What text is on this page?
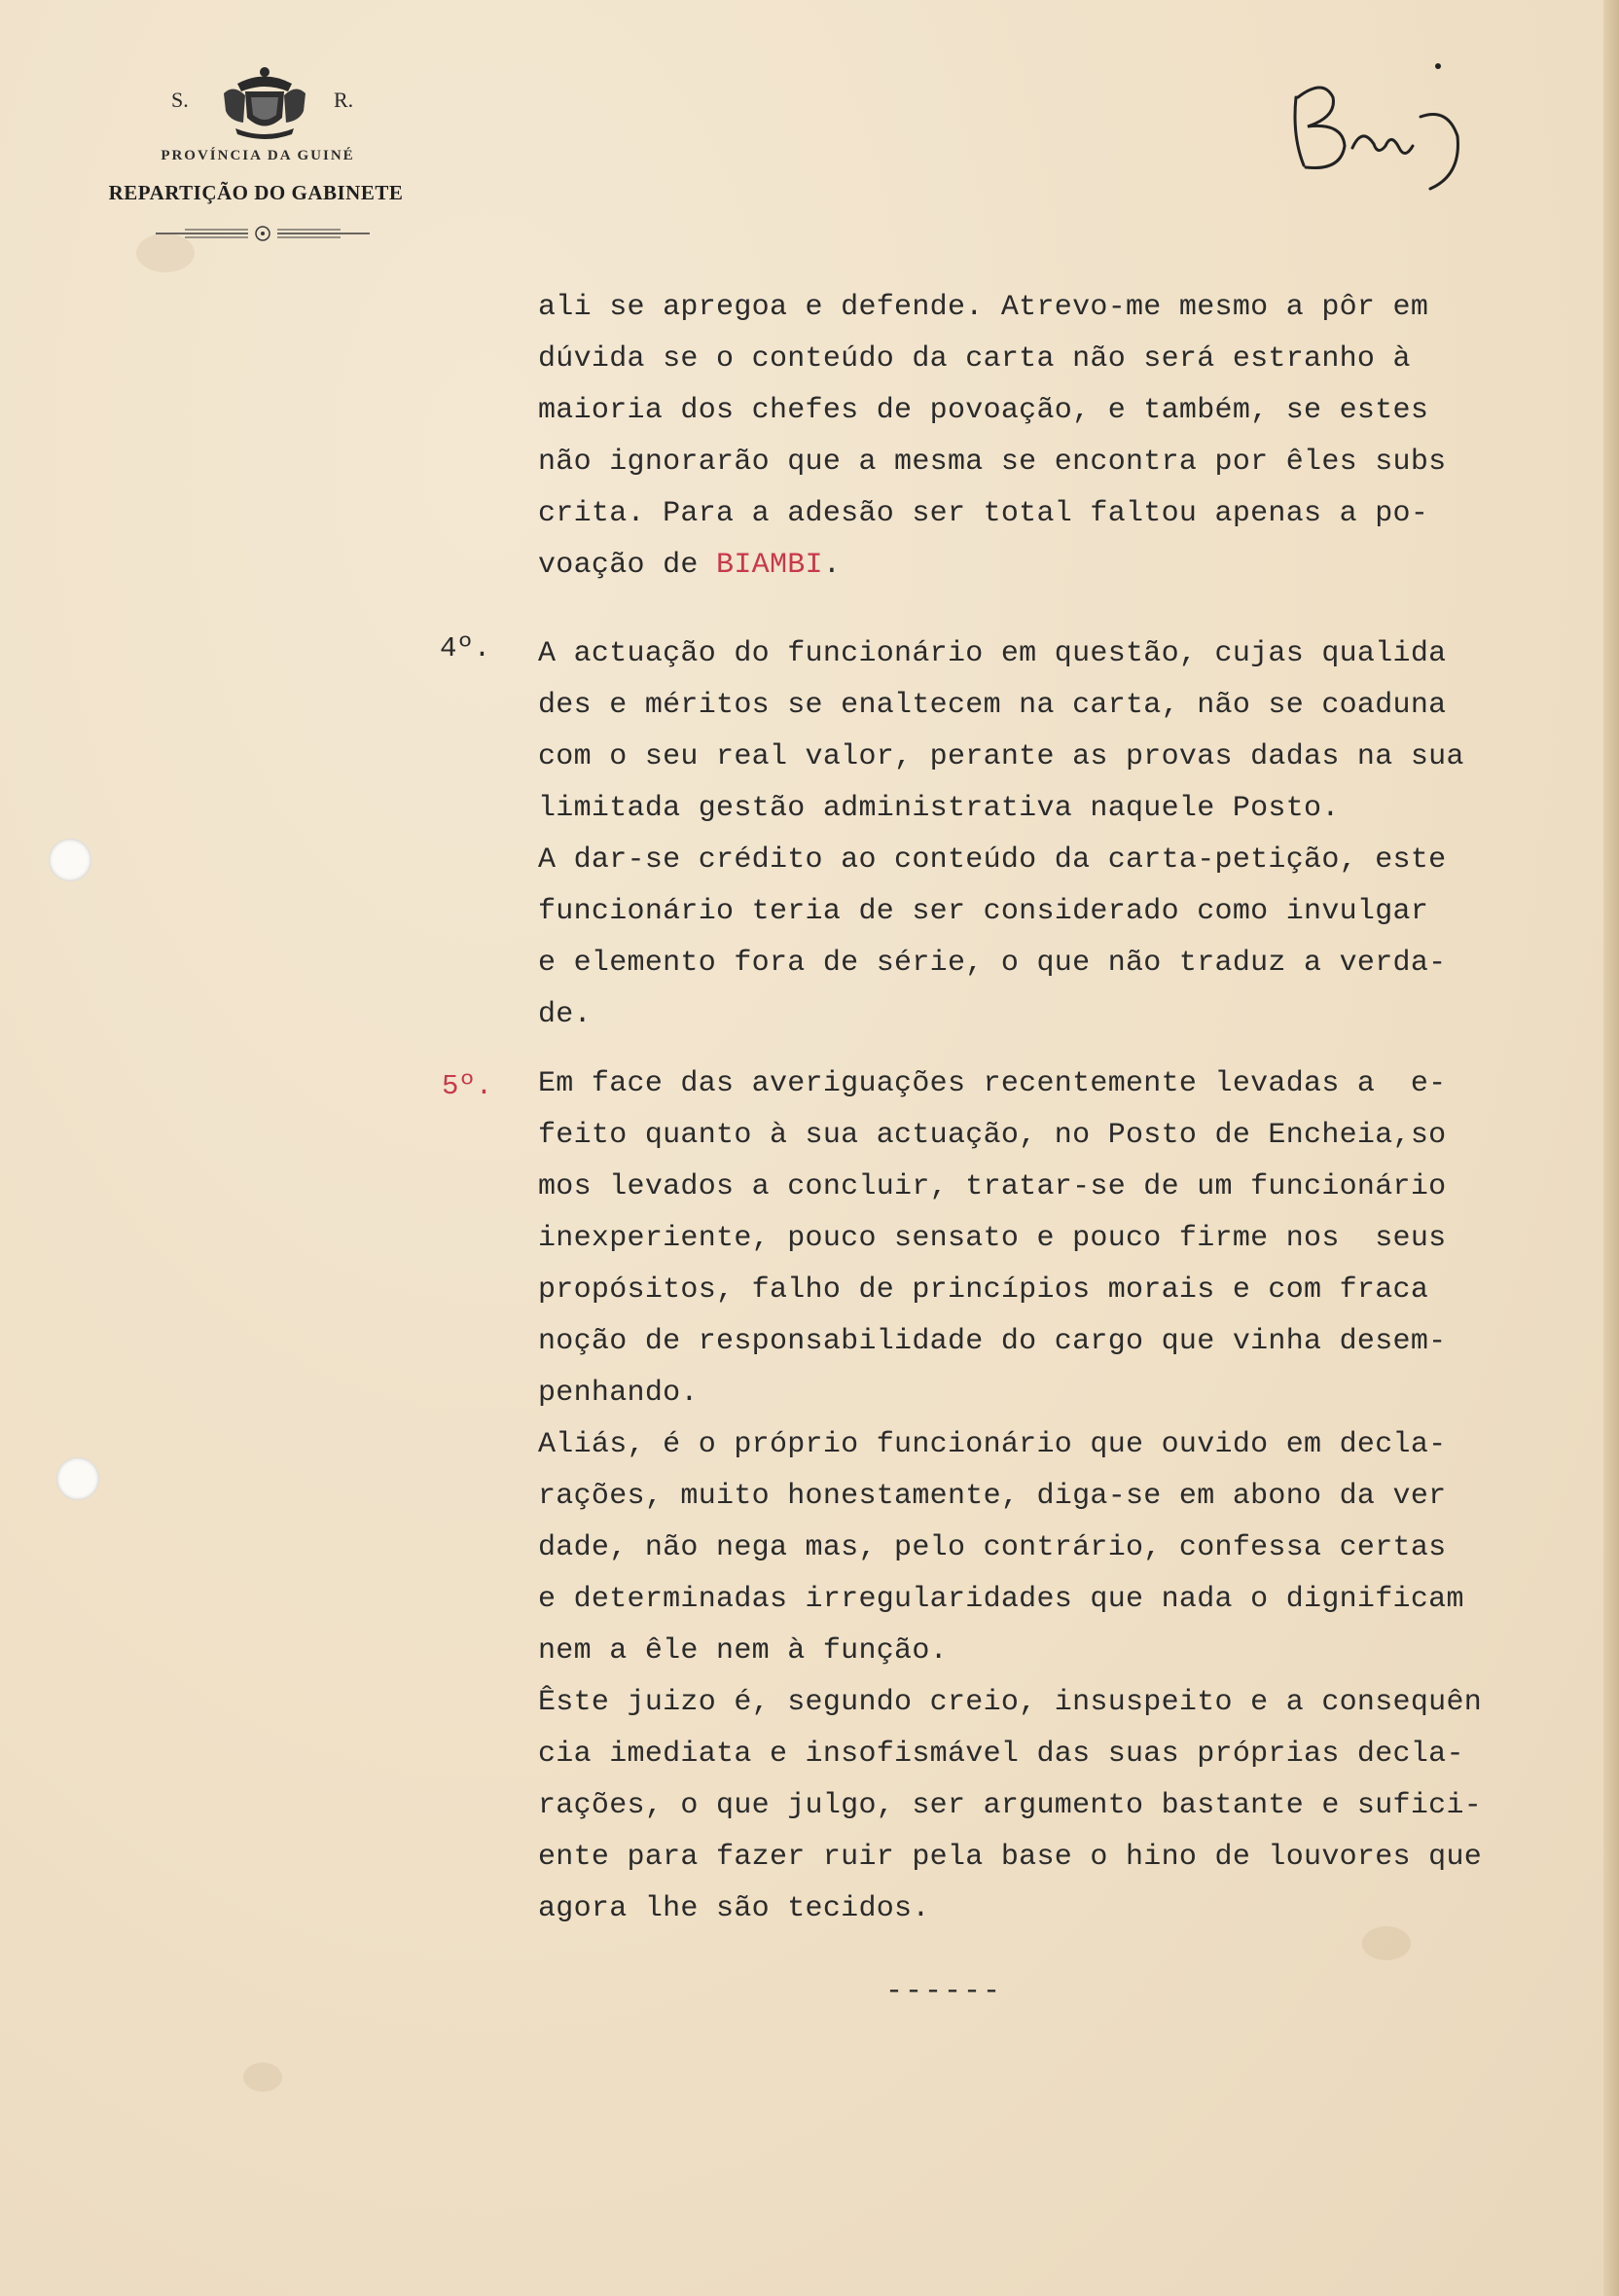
S.	R.
PROVÍNCIA DA GUINÉ
REPARTIÇÃO DO GABINETE
ali se apregoa e defende. Atrevo-me mesmo a pôr em
dúvida se o conteúdo da carta não será estranho à
maioria dos chefes de povoação, e também, se estes
não ignorarão que a mesma se encontra por êles subs
crita. Para a adesão ser total faltou apenas a po-
voação de BIAMBI.
4º. A actuação do funcionário em questão, cujas qualida
des e méritos se enaltecem na carta, não se coaduna
com o seu real valor, perante as provas dadas na sua
limitada gestão administrativa naquele Posto.
A dar-se crédito ao conteúdo da carta-petição, este
funcionário teria de ser considerado como invulgar
e elemento fora de série, o que não traduz a verda-
de.
5º. Em face das averiguações recentemente levadas a  e-
feito quanto à sua actuação, no Posto de Encheia,so
mos levados a concluir, tratar-se de um funcionário
inexperiente, pouco sensato e pouco firme nos  seus
propósitos, falho de princípios morais e com fraca
noção de responsabilidade do cargo que vinha desem-
penhando.
Aliás, é o próprio funcionário que ouvido em decla-
rações, muito honestamente, diga-se em abono da ver
dade, não nega mas, pelo contrário, confessa certas
e determinadas irregularidades que nada o dignificam
nem a êle nem à função.
Êste juizo é, segundo creio, insuspeito e a consequên
cia imediata e insofismável das suas próprias decla-
rações, o que julgo, ser argumento bastante e sufici-
ente para fazer ruir pela base o hino de louvores que
agora lhe são tecidos.
------
